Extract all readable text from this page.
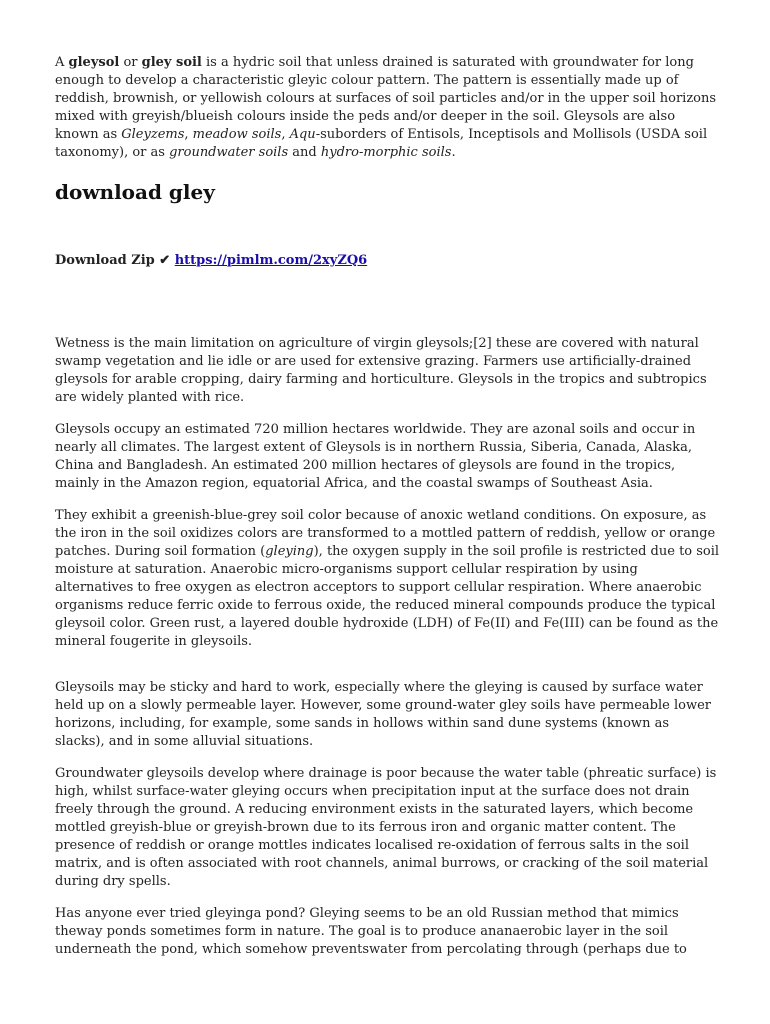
A gleysol or gley soil is a hydric soil that unless drained is saturated with groundwater for long enough to develop a characteristic gleyic colour pattern. The pattern is essentially made up of reddish, brownish, or yellowish colours at surfaces of soil particles and/or in the upper soil horizons mixed with greyish/blueish colours inside the peds and/or deeper in the soil. Gleysols are also known as Gleyzems, meadow soils, Aqu-suborders of Entisols, Inceptisols and Mollisols (USDA soil taxonomy), or as groundwater soils and hydro-morphic soils.

download gley
Download Zip ✔ https://pimlm.com/2xyZQ6

Wetness is the main limitation on agriculture of virgin gleysols;[2] these are covered with natural swamp vegetation and lie idle or are used for extensive grazing. Farmers use artificially-drained gleysols for arable cropping, dairy farming and horticulture. Gleysols in the tropics and subtropics are widely planted with rice.

Gleysols occupy an estimated 720 million hectares worldwide. They are azonal soils and occur in nearly all climates. The largest extent of Gleysols is in northern Russia, Siberia, Canada, Alaska, China and Bangladesh. An estimated 200 million hectares of gleysols are found in the tropics, mainly in the Amazon region, equatorial Africa, and the coastal swamps of Southeast Asia.

They exhibit a greenish-blue-grey soil color because of anoxic wetland conditions. On exposure, as the iron in the soil oxidizes colors are transformed to a mottled pattern of reddish, yellow or orange patches. During soil formation (gleying), the oxygen supply in the soil profile is restricted due to soil moisture at saturation. Anaerobic micro-organisms support cellular respiration by using alternatives to free oxygen as electron acceptors to support cellular respiration. Where anaerobic organisms reduce ferric oxide to ferrous oxide, the reduced mineral compounds produce the typical gleysoil color. Green rust, a layered double hydroxide (LDH) of Fe(II) and Fe(III) can be found as the mineral fougerite in gleysoils.

Gleysoils may be sticky and hard to work, especially where the gleying is caused by surface water held up on a slowly permeable layer. However, some ground-water gley soils have permeable lower horizons, including, for example, some sands in hollows within sand dune systems (known as slacks), and in some alluvial situations.

Groundwater gleysoils develop where drainage is poor because the water table (phreatic surface) is high, whilst surface-water gleying occurs when precipitation input at the surface does not drain freely through the ground. A reducing environment exists in the saturated layers, which become mottled greyish-blue or greyish-brown due to its ferrous iron and organic matter content. The presence of reddish or orange mottles indicates localised re-oxidation of ferrous salts in the soil matrix, and is often associated with root channels, animal burrows, or cracking of the soil material during dry spells.

Has anyone ever tried gleyinga pond? Gleying seems to be an old Russian method that mimics theway ponds sometimes form in nature. The goal is to produce ananaerobic layer in the soil underneath the pond, which somehow preventswater from percolating through (perhaps due to
